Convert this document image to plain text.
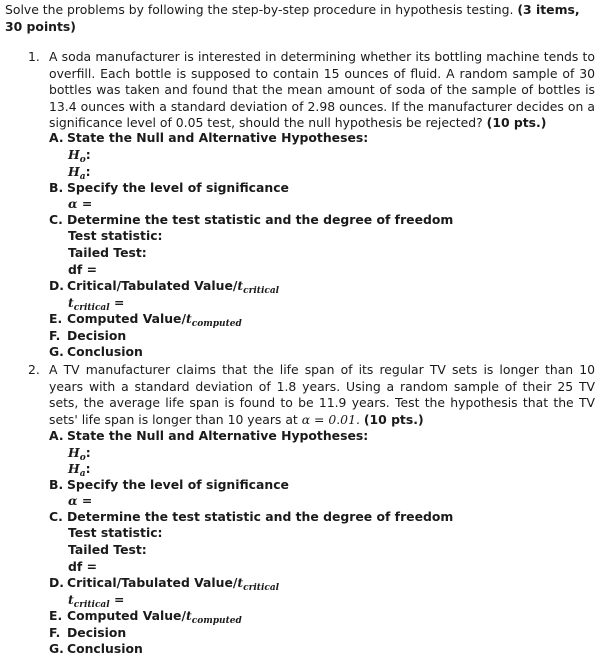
Solve the problems by following the step-by-step procedure in hypothesis testing. (3 items, 30 points)
1. A soda manufacturer is interested in determining whether its bottling machine tends to overfill. Each bottle is supposed to contain 15 ounces of fluid. A random sample of 30 bottles was taken and found that the mean amount of soda of the sample of bottles is 13.4 ounces with a standard deviation of 2.98 ounces. If the manufacturer decides on a significance level of 0.05 test, should the null hypothesis be rejected? (10 pts.)
A. State the Null and Alternative Hypotheses:
$H_o$:
$H_a$:
B. Specify the level of significance
α =
C. Determine the test statistic and the degree of freedom
Test statistic:
Tailed Test:
df =
D. Critical/Tabulated Value/$t_{critical}$
$t_{critical}$ =
E. Computed Value/$t_{computed}$
F. Decision
G. Conclusion
2. A TV manufacturer claims that the life span of its regular TV sets is longer than 10 years with a standard deviation of 1.8 years. Using a random sample of their 25 TV sets, the average life span is found to be 11.9 years. Test the hypothesis that the TV sets' life span is longer than 10 years at α = 0.01. (10 pts.)
A. State the Null and Alternative Hypotheses:
$H_o$:
$H_a$:
B. Specify the level of significance
α =
C. Determine the test statistic and the degree of freedom
Test statistic:
Tailed Test:
df =
D. Critical/Tabulated Value/$t_{critical}$
$t_{critical}$ =
E. Computed Value/$t_{computed}$
F. Decision
G. Conclusion
